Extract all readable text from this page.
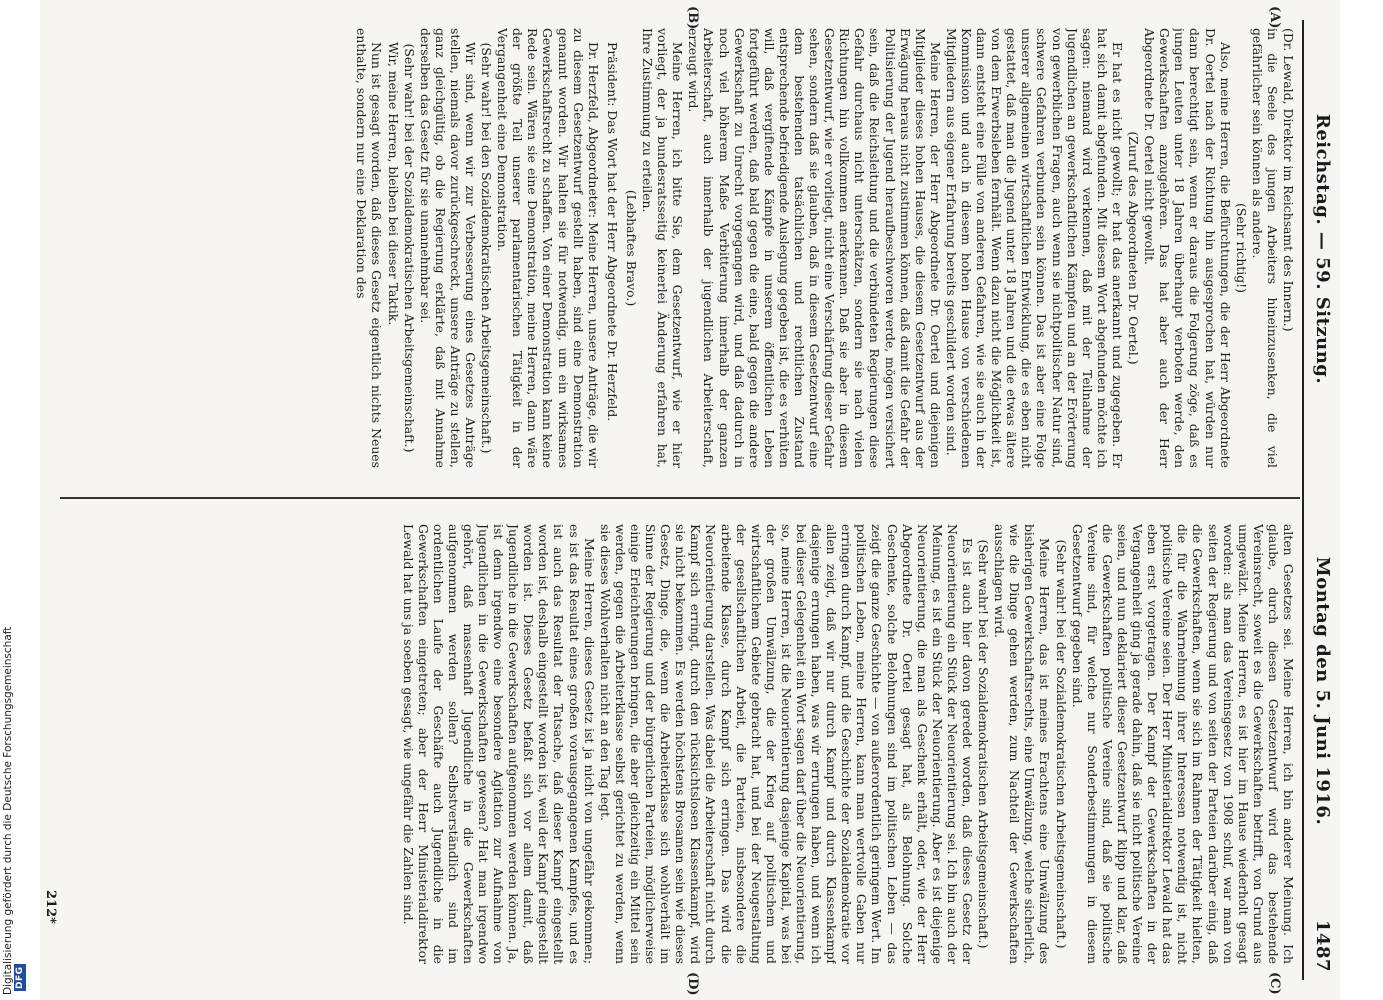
Reichstag. — 59. Sitzung.
Montag den 5. Juni 1916.
1487
(A)
(B)
(C)
(D)

(Dr. Lewald, Direktor im Reichsamt des Innern.)

in die Seele des jungen Arbeiters hineinzusenken, die viel gefährlicher sein können als andere.

(Sehr richtig!)

Also, meine Herren, die Befürchtungen, die der Herr Abgeordnete Dr. Oertel nach der Richtung hin ausgesprochen hat, würden nur dann berechtigt sein, wenn er daraus die Folgerung zöge, daß es jungen Leuten unter 18 Jahren überhaupt verboten werde, den Gewerkschaften anzugehören. Das hat aber auch der Herr Abgeordnete Dr. Oertel nicht gewollt.

(Zuruf des Abgeordneten Dr. Oertel.)

Er hat es nicht gewollt; er hat das anerkannt und zugegeben. Er hat sich damit abgefunden. Mit diesem Wort abgefunden möchte ich sagen: niemand wird verkennen, daß mit der Teilnahme der Jugendlichen an gewerkschaftlichen Kämpfen und an der Erörterung von gewerblichen Fragen, auch wenn sie nichtpolitischer Natur sind, schwere Gefahren verbunden sein können. Das ist aber eine Folge unserer allgemeinen wirtschaftlichen Entwicklung, die es eben nicht gestattet, daß man die Jugend unter 18 Jahren und die etwas ältere von dem Erwerbsleben fernhält. Wenn dazu nicht die Möglichkeit ist, dann entsteht eine Fülle von anderen Gefahren, wie sie auch in der Kommission und auch in diesem hohen Hause von verschiedenen Mitgliedern aus eigener Erfahrung bereits geschildert worden sind.

Meine Herren, der Herr Abgeordnete Dr. Oertel und diejenigen Mitglieder dieses hohen Hauses, die diesem Gesetzentwurf aus der Erwägung heraus nicht zustimmen können, daß damit die Gefahr der Politisierung der Jugend heraufbeschworen werde, mögen versichert sein, daß die Reichsleitung und die verbündeten Regierungen diese Gefahr durchaus nicht unterschätzen, sondern sie nach vielen Richtungen hin vollkommen anerkennen. Daß sie aber in diesem Gesetzentwurf, wie er vorliegt, nicht eine Verschärfung dieser Gefahr sehen, sondern daß sie glauben, daß in diesem Gesetzentwurf eine dem bestehenden tatsächlichen und rechtlichen Zustand entsprechende befriedigende Auslegung gegeben ist, die es verhüten will, daß vergiftende Kämpfe in unserem öffentlichen Leben fortgeführt werden, daß bald gegen die eine, bald gegen die andere Gewerkschaft zu Unrecht vorgegangen wird, und daß dadurch in noch viel höherem Maße Verbitterung innerhalb der ganzen Arbeiterschaft, auch innerhalb der jugendlichen Arbeiterschaft, erzeugt wird.

Meine Herren, ich bitte Sie, dem Gesetzentwurf, wie er hier vorliegt, der ja bundesratsseitig keinerlei Änderung erfahren hat, Ihre Zustimmung zu erteilen.

(Lebhaftes Bravo.)

Präsident: Das Wort hat der Herr Abgeordnete Dr. Herzfeld.

Dr. Herzfeld, Abgeordneter: Meine Herren, unsere Anträge, die wir zu diesem Gesetzentwurf gestellt haben, sind eine Demonstration genannt worden. Wir halten sie für notwendig, um ein wirksames Gewerkschaftsrecht zu schaffen. Von einer Demonstration kann keine Rede sein. Wären sie eine Demonstration, meine Herren, dann wäre der größte Teil unserer parlamentarischen Tätigkeit in der Vergangenheit eine Demonstration.

(Sehr wahr! bei den Sozialdemokratischen Arbeitsgemeinschaft.)

Wir sind, wenn wir zur Verbesserung eines Gesetzes Anträge stellen, niemals davor zurückgeschreckt, unsere Anträge zu stellen, ganz gleichgültig, ob die Regierung erklärte, daß mit Annahme derselben das Gesetz für sie unannehmbar sei.

(Sehr wahr! bei der Sozialdemokratischen Arbeitsgemeinschaft.)

Wir, meine Herren, bleiben bei dieser Taktik.

Nun ist gesagt worden, daß dieses Gesetz eigentlich nichts Neues enthalte, sondern nur eine Deklaration des

alten Gesetzes sei. Meine Herren, ich bin anderer Meinung. Ich glaube, durch diesen Gesetzentwurf wird das bestehende Vereinsrecht, soweit es die Gewerkschaften betrifft, von Grund aus umgewälzt. Meine Herren, es ist hier im Hause wiederholt gesagt worden: als man das Vereinsgesetz von 1908 schuf, war man von seiten der Regierung und von seiten der Parteien darüber einig, daß die Gewerkschaften, wenn sie sich im Rahmen der Tätigkeit hielten, die für die Wahrnehmung ihrer Interessen notwendig ist, nicht politische Vereine seien. Der Herr Ministerialdirektor Lewald hat das eben erst vorgetragen. Der Kampf der Gewerkschaften in der Vergangenheit ging ja gerade dahin, daß sie nicht politische Vereine seien, und nun deklariert dieser Gesetzentwurf klipp und klar, daß die Gewerkschaften politische Vereine sind, daß sie politische Vereine sind, für welche nur Sonderbestimmungen in diesem Gesetzentwurf gegeben sind.

(Sehr wahr! bei der Sozialdemokratischen Arbeitsgemeinschaft.)

Meine Herren, das ist meines Erachtens eine Umwälzung des bisherigen Gewerkschaftsrechts, eine Umwälzung, welche sicherlich, wie die Dinge gehen werden, zum Nachteil der Gewerkschaften ausschlagen wird.

(Sehr wahr! bei der Sozialdemokratischen Arbeitsgemeinschaft.)

Es ist auch hier davon geredet worden, daß dieses Gesetz der Neuorientierung ein Stück der Neuorientierung sei. Ich bin auch der Meinung, es ist ein Stück der Neuorientierung. Aber es ist diejenige Neuorientierung, die man als Geschenk erhält, oder, wie der Herr Abgeordnete Dr. Oertel gesagt hat, als Belohnung. Solche Geschenke, solche Belohnungen sind im politischen Leben — das zeigt die ganze Geschichte — von außerordentlich geringem Wert. Im politischen Leben, meine Herren, kann man wertvolle Gaben nur erringen durch Kampf, und die Geschichte der Sozialdemokratie vor allen zeigt, daß wir nur durch Kampf und durch Klassenkampf dasjenige errungen haben, was wir errungen haben, und wenn ich bei dieser Gelegenheit ein Wort sagen darf über die Neuorientierung, so, meine Herren, ist die Neuorientierung dasjenige Kapital, was bei der großen Umwälzung, die der Krieg auf politischem und wirtschaftlichem Gebiete gebracht hat, und bei der Neugestaltung der gesellschaftlichen Arbeit, die Parteien, insbesondere die arbeitende Klasse, durch Kampf sich erringen. Das wird die Neuorientierung darstellen. Was dabei die Arbeiterschaft nicht durch Kampf sich erringt, durch den rücksichtslosen Klassenkampf, wird sie nicht bekommen. Es werden höchstens Brosamen sein wie dieses Gesetz, Dinge, die, wenn die Arbeiterklasse sich wohlverhält im Sinne der Regierung und der bürgerlichen Parteien, möglicherweise einige Erleichterungen bringen, die aber gleichzeitig ein Mittel sein werden, gegen die Arbeiterklasse selbst gerichtet zu werden, wenn sie dieses Wohlverhalten nicht an den Tag legt.

Meine Herren, dieses Gesetz ist ja nicht von ungefähr gekommen; es ist das Resultat eines großen vorausgegangenen Kampfes, und es ist auch das Resultat der Tatsache, daß dieser Kampf eingestellt worden ist, deshalb eingestellt worden ist, weil der Kampf eingestellt worden ist. Dieses Gesetz befaßt sich vor allem damit, daß Jugendliche in die Gewerkschaften aufgenommen werden können. Ja, ist denn irgendwo eine besondere Agitation zur Aufnahme von Jugendlichen in die Gewerkschaften gewesen? Hat man irgendwo gehört, daß massenhaft Jugendliche in die Gewerkschaften aufgenommen werden sollen? Selbstverständlich sind im ordentlichen Laufe der Geschäfte auch Jugendliche in die Gewerkschaften eingetreten; aber der Herr Ministerialdirektor Lewald hat uns ja soeben gesagt, wie ungefähr die Zahlen sind.

212*
Digitalisierung gefördert durch die Deutsche Forschungsgemeinschaft DFG
